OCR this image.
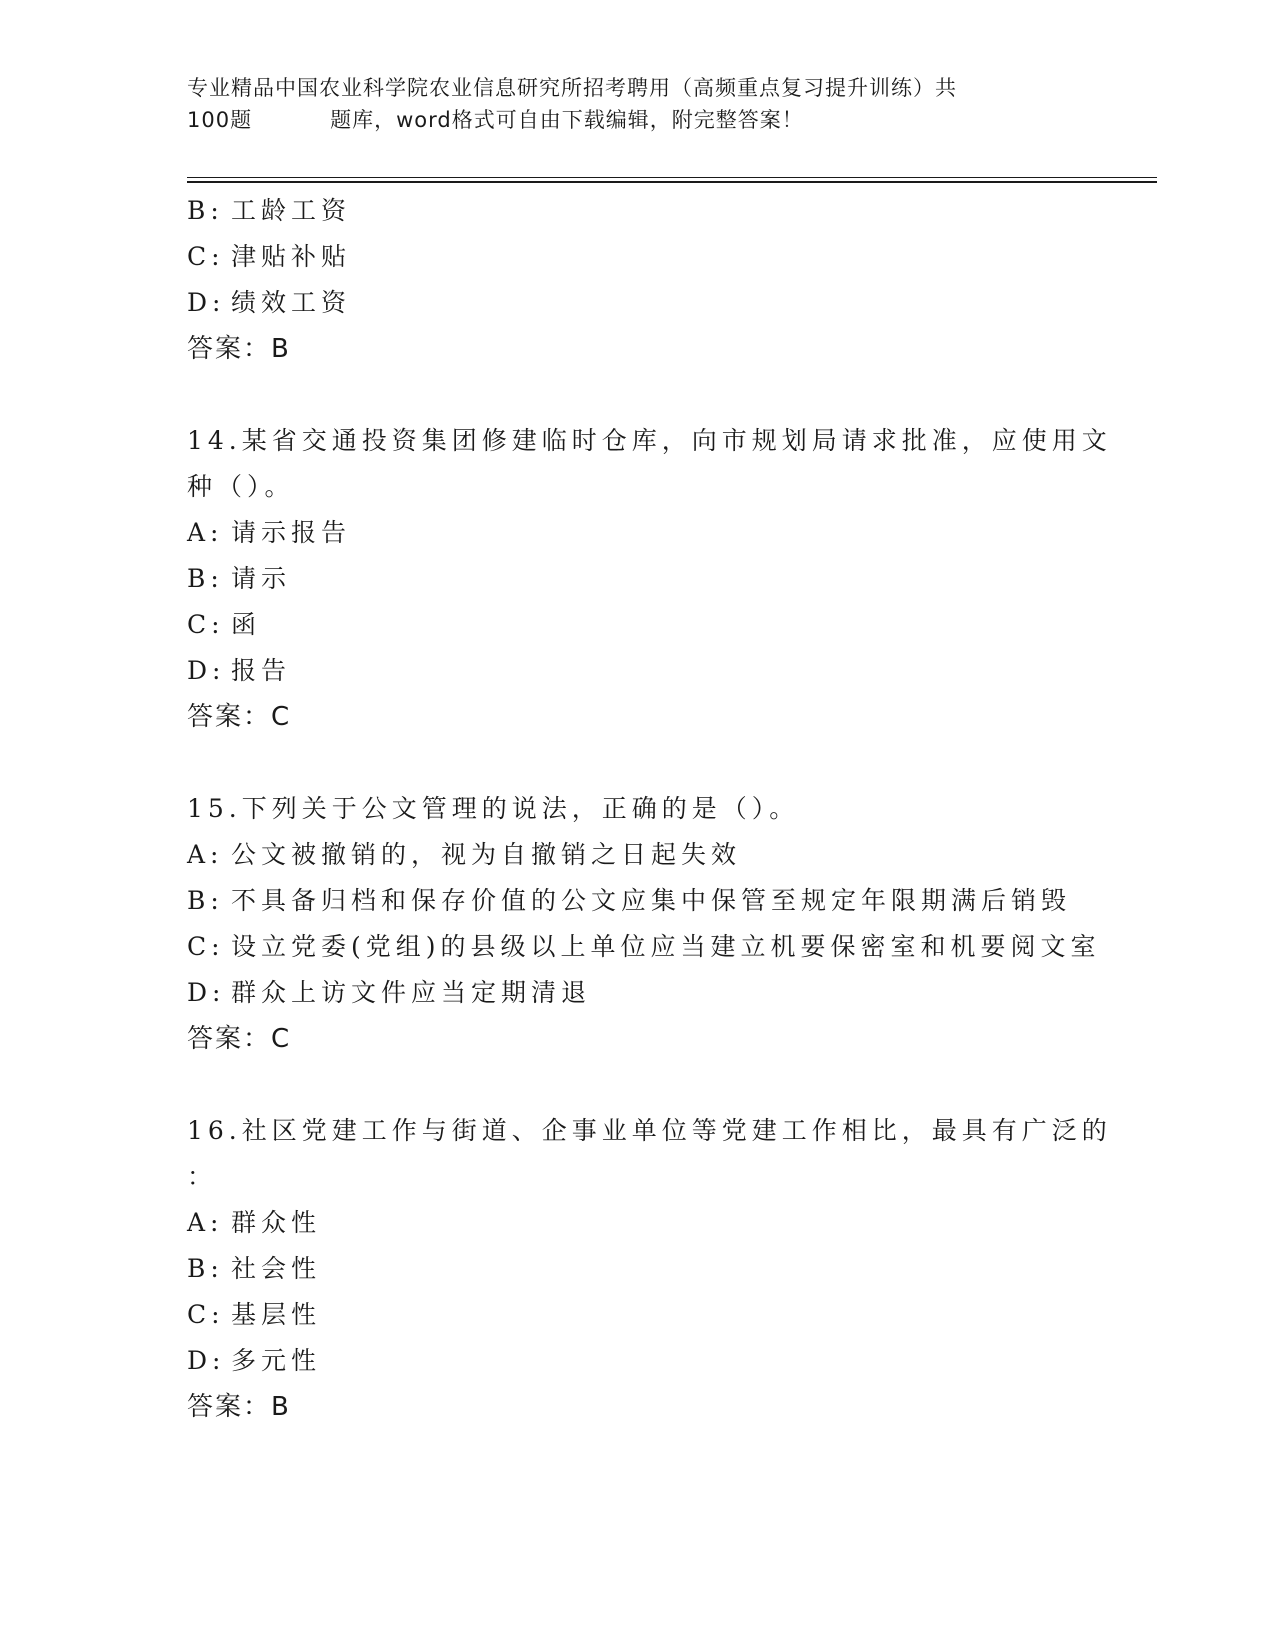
专业精品中国农业科学院农业信息研究所招考聘用（高频重点复习提升训练）共
100题	题库，word格式可自由下载编辑，附完整答案！
B: 工龄工资
C: 津贴补贴
D: 绩效工资
答案：B
14.某省交通投资集团修建临时仓库，向市规划局请求批准，应使用文
种（）。
A: 请示报告
B: 请示
C: 函
D: 报告
答案：C
15.下列关于公文管理的说法，正确的是（）。
A: 公文被撤销的，视为自撤销之日起失效
B: 不具备归档和保存价值的公文应集中保管至规定年限期满后销毁
C: 设立党委(党组)的县级以上单位应当建立机要保密室和机要阅文室
D: 群众上访文件应当定期清退
答案：C
16.社区党建工作与街道、企事业单位等党建工作相比，最具有广泛的
：
A: 群众性
B: 社会性
C: 基层性
D: 多元性
答案：B
